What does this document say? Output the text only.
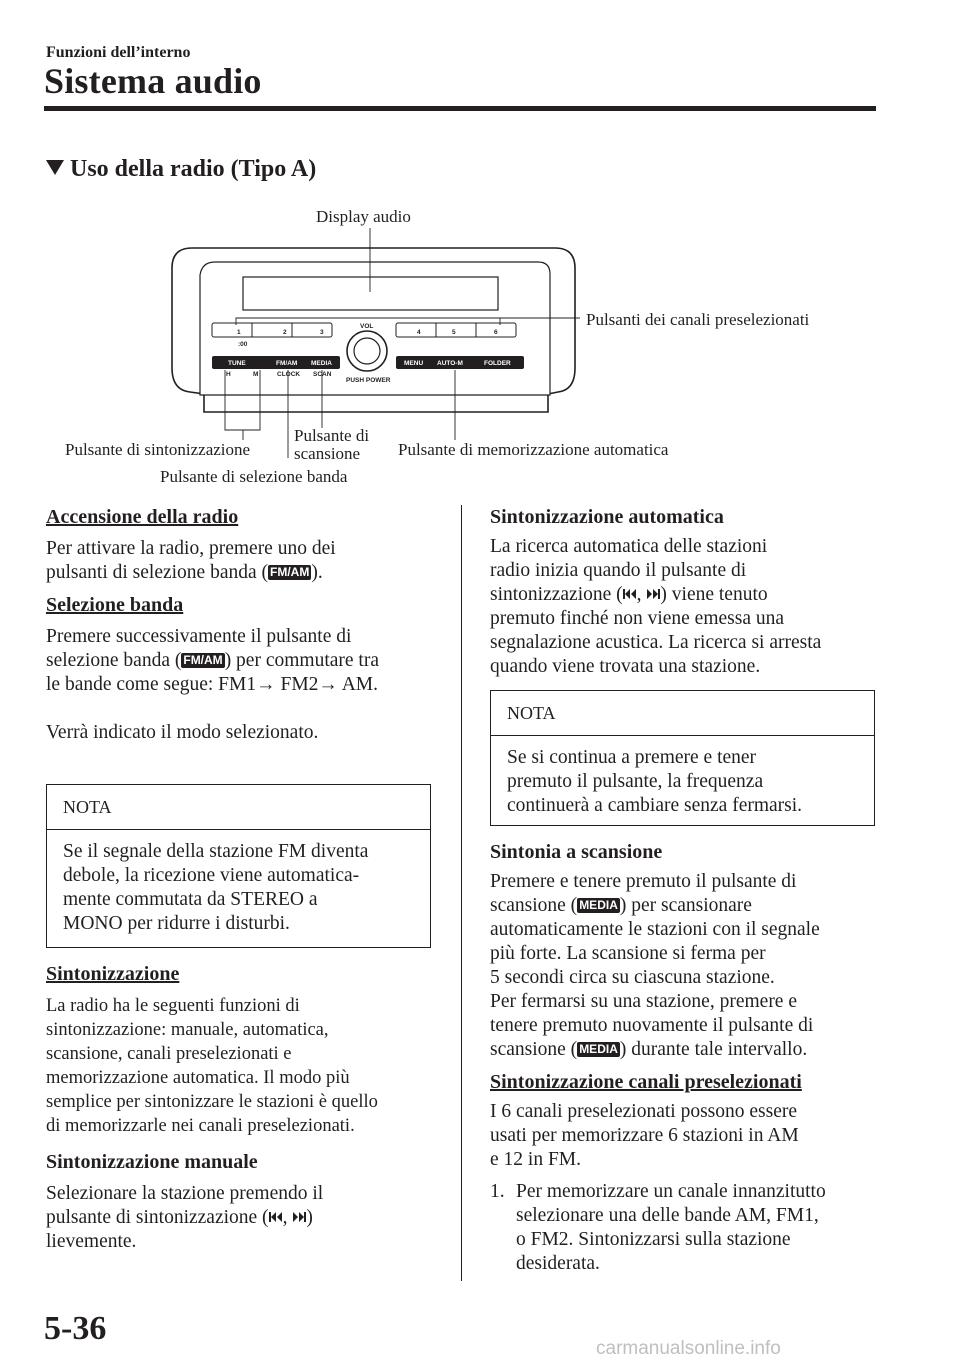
Funzioni dell’interno
Sistema audio
Uso della radio (Tipo A)
1	2	3	4	5	6
:00
VOL
PUSH POWER
H	M	CLOCK SCAN
TUNE	FM/AM MEDIA	MENU AUTO-M	FOLDER
Display audio
Pulsanti dei canali preselezionati
Pulsante di sintonizzazione
Pulsante di
scansione
Pulsante di selezione banda
Pulsante di memorizzazione automatica

Accensione della radio

Per attivare la radio, premere uno dei

pulsanti di selezione banda ( FM/AM ).

Selezione banda

Premere successivamente il pulsante di

selezione banda ( FM/AM ) per commutare tra

le bande come segue: FM1→ FM2→ AM.

Verrà indicato il modo selezionato.

NOTA
Se il segnale della stazione FM diventa
debole, la ricezione viene automatica-
mente commutata da STEREO a
MONO per ridurre i disturbi.

Sintonizzazione

La radio ha le seguenti funzioni di

sintonizzazione: manuale, automatica,

scansione, canali preselezionati e

memorizzazione automatica. Il modo più

semplice per sintonizzare le stazioni è quello

di memorizzarle nei canali preselezionati.

Sintonizzazione manuale

Selezionare la stazione premendo il

pulsante di sintonizzazione ( , )

lievemente.

Sintonizzazione automatica

La ricerca automatica delle stazioni

radio inizia quando il pulsante di

sintonizzazione ( , ) viene tenuto

premuto finché non viene emessa una

segnalazione acustica. La ricerca si arresta

quando viene trovata una stazione.

NOTA
Se si continua a premere e tener
premuto il pulsante, la frequenza
continuerà a cambiare senza fermarsi.

Sintonia a scansione

Premere e tenere premuto il pulsante di

scansione ( MEDIA ) per scansionare

automaticamente le stazioni con il segnale

più forte. La scansione si ferma per

5 secondi circa su ciascuna stazione.

Per fermarsi su una stazione, premere e

tenere premuto nuovamente il pulsante di

scansione ( MEDIA ) durante tale intervallo.

Sintonizzazione canali preselezionati

I 6 canali preselezionati possono essere

usati per memorizzare 6 stazioni in AM

e 12 in FM.

1. Per memorizzare un canale innanzitutto

selezionare una delle bande AM, FM1,

o FM2. Sintonizzarsi sulla stazione

desiderata.

5-36
carmanualsonline.info
